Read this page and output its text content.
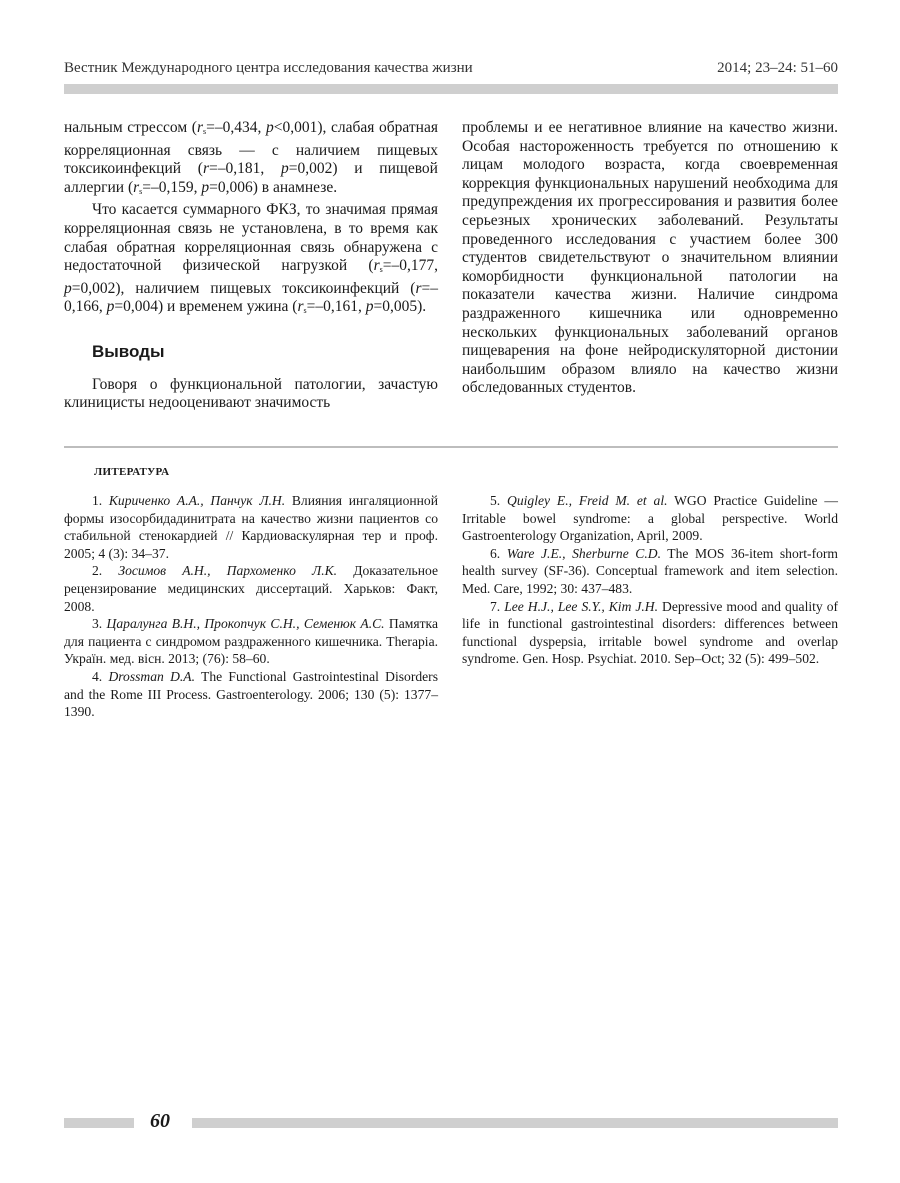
Вестник Международного центра исследования качества жизни	2014; 23–24: 51–60

нальным стрессом ($r_s=-0,434$, p<0,001), слабая обратная корреляционная связь — с наличием пищевых токсикоинфекций (r=–0,181, p=0,002) и пищевой аллергии ($r_s=-0,159$, p=0,006) в анамнезе.

Что касается суммарного ФКЗ, то значимая прямая корреляционная связь не установлена, в то время как слабая обратная корреляционная связь обнаружена с недостаточной физической нагрузкой ($r_s=-0,177$, p=0,002), наличием пищевых токсикоинфекций (r=–0,166, p=0,004) и временем ужина ($r_s=-0,161$, p=0,005).

Выводы

Говоря о функциональной патологии, зачастую клиницисты недооценивают значимость

проблемы и ее негативное влияние на качество жизни. Особая настороженность требуется по отношению к лицам молодого возраста, когда своевременная коррекция функциональных нарушений необходима для предупреждения их прогрессирования и развития более серьезных хронических заболеваний. Результаты проведенного исследования с участием более 300 студентов свидетельствуют о значительном влиянии коморбидности функциональной патологии на показатели качества жизни. Наличие синдрома раздраженного кишечника или одновременно нескольких функциональных заболеваний органов пищеварения на фоне нейродискуляторной дистонии наибольшим образом влияло на качество жизни обследованных студентов.

ЛИТЕРАТУРА

1. Кириченко А.А., Панчук Л.Н. Влияния ингаляционной формы изосорбидадинитрата на качество жизни пациентов со стабильной стенокардией // Кардиоваскулярная тер и проф. 2005; 4 (3): 34–37.

2. Зосимов А.Н., Пархоменко Л.К. Доказательное рецензирование медицинских диссертаций. Харьков: Факт, 2008.

3. Царалунга В.Н., Прокопчук С.Н., Семенюк А.С. Памятка для пациента с синдромом раздраженного кишечника. Therapia. Украïн. мед. вiсн. 2013; (76): 58–60.

4. Drossman D.A. The Functional Gastrointestinal Disorders and the Rome III Process. Gastroenterology. 2006; 130 (5): 1377–1390.

5. Quigley E., Freid M. et al. WGO Practice Guideline — Irritable bowel syndrome: a global perspective. World Gastroenterology Organization, April, 2009.

6. Ware J.E., Sherburne C.D. The MOS 36-item short-form health survey (SF-36). Conceptual framework and item selection. Med. Care, 1992; 30: 437–483.

7. Lee H.J., Lee S.Y., Kim J.H. Depressive mood and quality of life in functional gastrointestinal disorders: differences between functional dyspepsia, irritable bowel syndrome and overlap syndrome. Gen. Hosp. Psychiat. 2010. Sep–Oct; 32 (5): 499–502.

60
